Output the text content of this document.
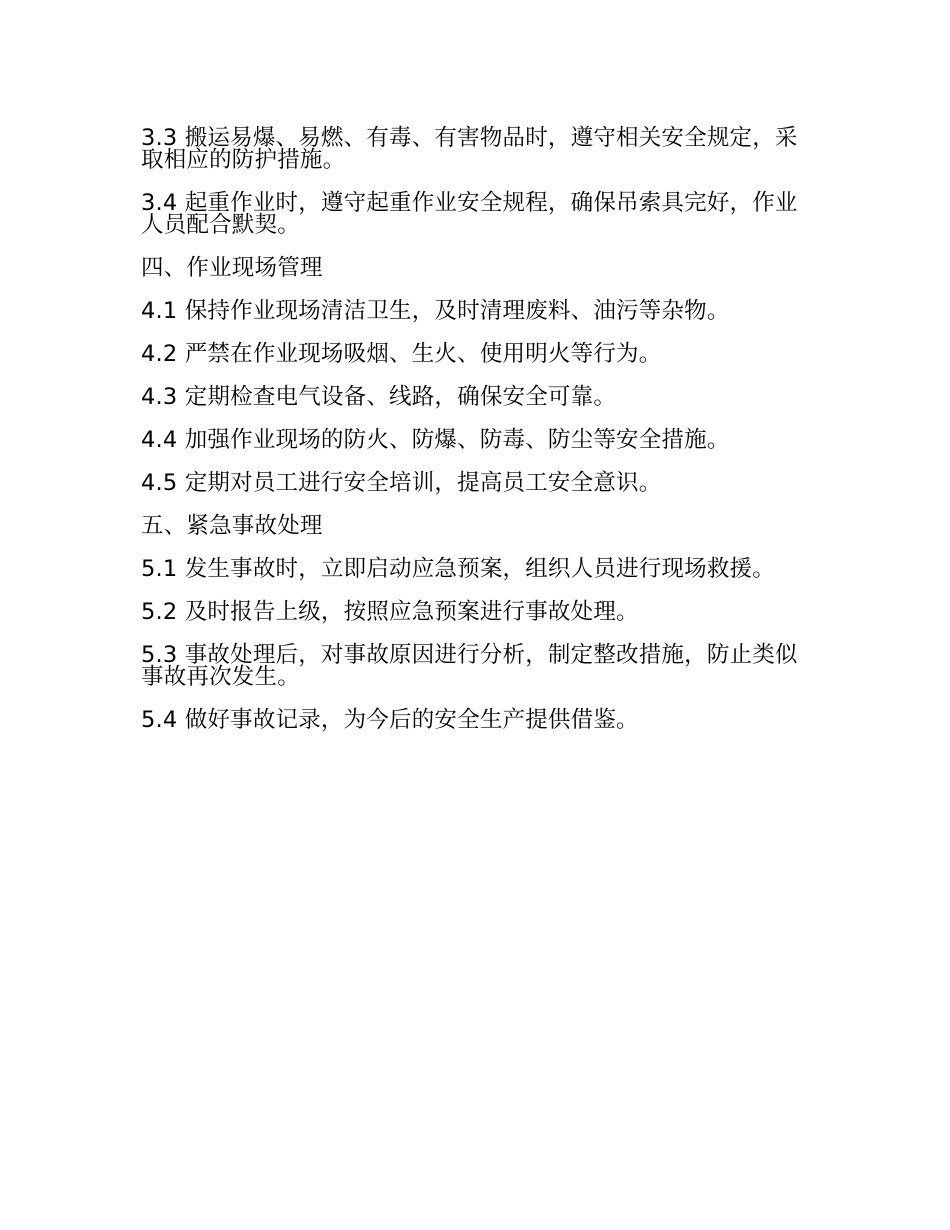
3.3 搬运易爆、易燃、有毒、有害物品时，遵守相关安全规定，采取相应的防护措施。

3.4 起重作业时，遵守起重作业安全规程，确保吊索具完好，作业人员配合默契。

四、作业现场管理

4.1 保持作业现场清洁卫生，及时清理废料、油污等杂物。

4.2 严禁在作业现场吸烟、生火、使用明火等行为。

4.3 定期检查电气设备、线路，确保安全可靠。

4.4 加强作业现场的防火、防爆、防毒、防尘等安全措施。

4.5 定期对员工进行安全培训，提高员工安全意识。

五、紧急事故处理

5.1 发生事故时，立即启动应急预案，组织人员进行现场救援。

5.2 及时报告上级，按照应急预案进行事故处理。

5.3 事故处理后，对事故原因进行分析，制定整改措施，防止类似事故再次发生。

5.4 做好事故记录，为今后的安全生产提供借鉴。
